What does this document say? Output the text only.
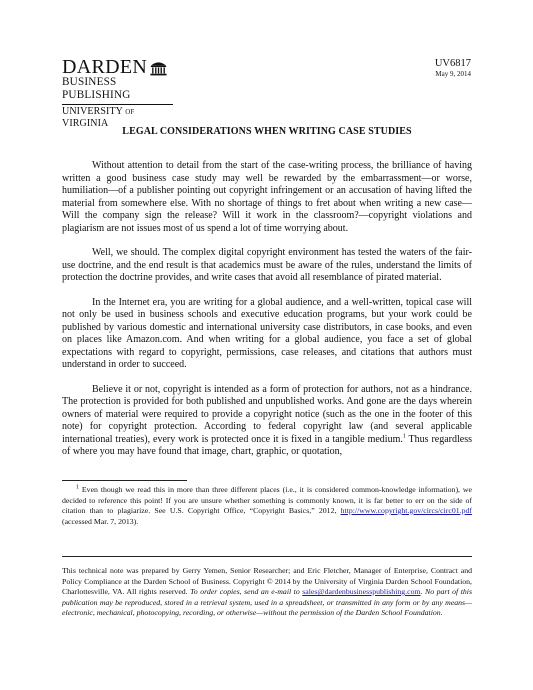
DARDEN
BUSINESS PUBLISHING
UNIVERSITY of VIRGINIA
UV6817
May 9, 2014
LEGAL CONSIDERATIONS WHEN WRITING CASE STUDIES

Without attention to detail from the start of the case-writing process, the brilliance of having written a good business case study may well be rewarded by the embarrassment—or worse, humiliation—of a publisher pointing out copyright infringement or an accusation of having lifted the material from somewhere else. With no shortage of things to fret about when writing a new case—Will the company sign the release? Will it work in the classroom?—copyright violations and plagiarism are not issues most of us spend a lot of time worrying about.

Well, we should. The complex digital copyright environment has tested the waters of the fair-use doctrine, and the end result is that academics must be aware of the rules, understand the limits of protection the doctrine provides, and write cases that avoid all resemblance of pirated material.

In the Internet era, you are writing for a global audience, and a well-written, topical case will not only be used in business schools and executive education programs, but your work could be published by various domestic and international university case distributors, in case books, and even on places like Amazon.com. And when writing for a global audience, you face a set of global expectations with regard to copyright, permissions, case releases, and citations that authors must understand in order to succeed.

Believe it or not, copyright is intended as a form of protection for authors, not as a hindrance. The protection is provided for both published and unpublished works. And gone are the days wherein owners of material were required to provide a copyright notice (such as the one in the footer of this note) for copyright protection. According to federal copyright law (and several applicable international treaties), every work is protected once it is fixed in a tangible medium.$^1$ Thus regardless of where you may have found that image, chart, graphic, or quotation,

$^1$ Even though we read this in more than three different places (i.e., it is considered common-knowledge information), we decided to reference this point! If you are unsure whether something is commonly known, it is far better to err on the side of citation than to plagiarize. See U.S. Copyright Office, “Copyright Basics,” 2012, http://www.copyright.gov/circs/circ01.pdf (accessed Mar. 7, 2013).

This technical note was prepared by Gerry Yemen, Senior Researcher; and Eric Fletcher, Manager of Enterprise, Contract and Policy Compliance at the Darden School of Business. Copyright © 2014 by the University of Virginia Darden School Foundation, Charlottesville, VA. All rights reserved. To order copies, send an e-mail to sales@dardenbusinesspublishing.com. No part of this publication may be reproduced, stored in a retrieval system, used in a spreadsheet, or transmitted in any form or by any means—electronic, mechanical, photocopying, recording, or otherwise—without the permission of the Darden School Foundation.
